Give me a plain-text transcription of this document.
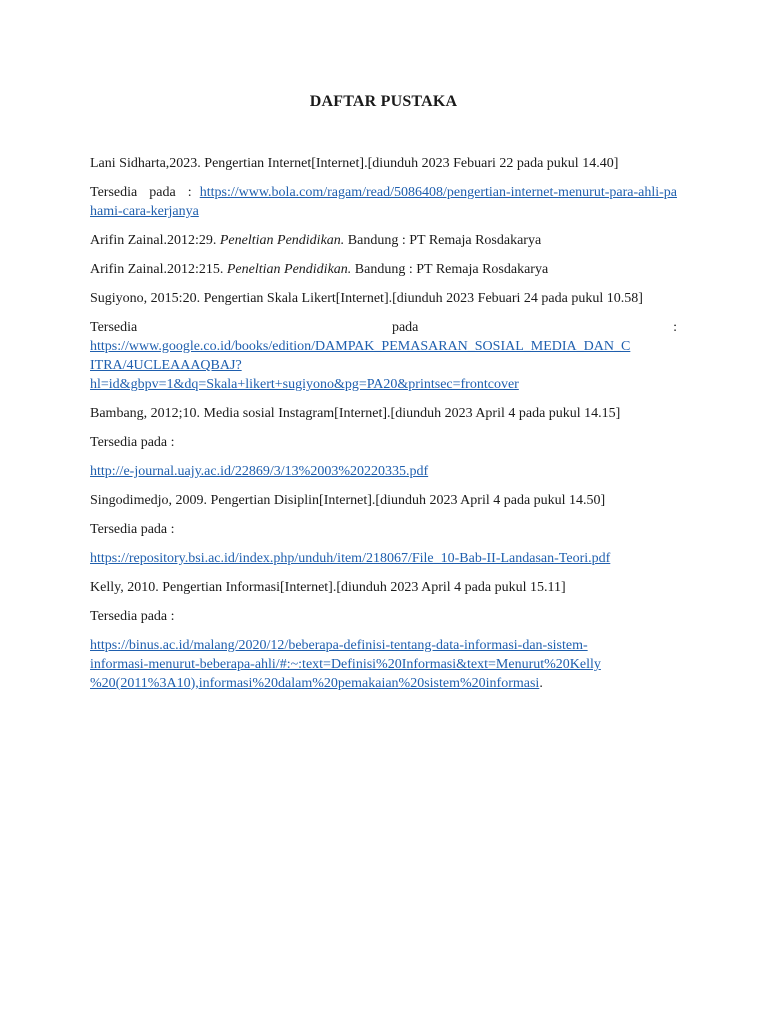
DAFTAR PUSTAKA

Lani Sidharta,2023. Pengertian Internet[Internet].[diunduh 2023 Febuari 22 pada pukul 14.40]

Tersedia pada : https://www.bola.com/ragam/read/5086408/pengertian-internet-menurut-para-ahli-pahami-cara-kerjanya

Arifin Zainal.2012:29. Peneltian Pendidikan. Bandung : PT Remaja Rosdakarya

Arifin Zainal.2012:215. Peneltian Pendidikan. Bandung : PT Remaja Rosdakarya

Sugiyono, 2015:20. Pengertian Skala Likert[Internet].[diunduh 2023 Febuari 24 pada pukul 10.58]

Tersedia	pada	:
https://www.google.co.id/books/edition/DAMPAK_PEMASARAN_SOSIAL_MEDIA_DAN_C
ITRA/4UCLEAAAQBAJ?
hl=id&gbpv=1&dq=Skala+likert+sugiyono&pg=PA20&printsec=frontcover

Bambang, 2012;10. Media sosial Instagram[Internet].[diunduh 2023 April 4 pada pukul 14.15]

Tersedia pada :

http://e-journal.uajy.ac.id/22869/3/13%2003%20220335.pdf

Singodimedjo, 2009. Pengertian Disiplin[Internet].[diunduh 2023 April 4 pada pukul 14.50]

Tersedia pada :

https://repository.bsi.ac.id/index.php/unduh/item/218067/File_10-Bab-II-Landasan-Teori.pdf

Kelly, 2010. Pengertian Informasi[Internet].[diunduh 2023 April 4 pada pukul 15.11]

Tersedia pada :

https://binus.ac.id/malang/2020/12/beberapa-definisi-tentang-data-informasi-dan-sistem-
informasi-menurut-beberapa-ahli/#:~:text=Definisi%20Informasi&text=Menurut%20Kelly
%20(2011%3A10),informasi%20dalam%20pemakaian%20sistem%20informasi.
